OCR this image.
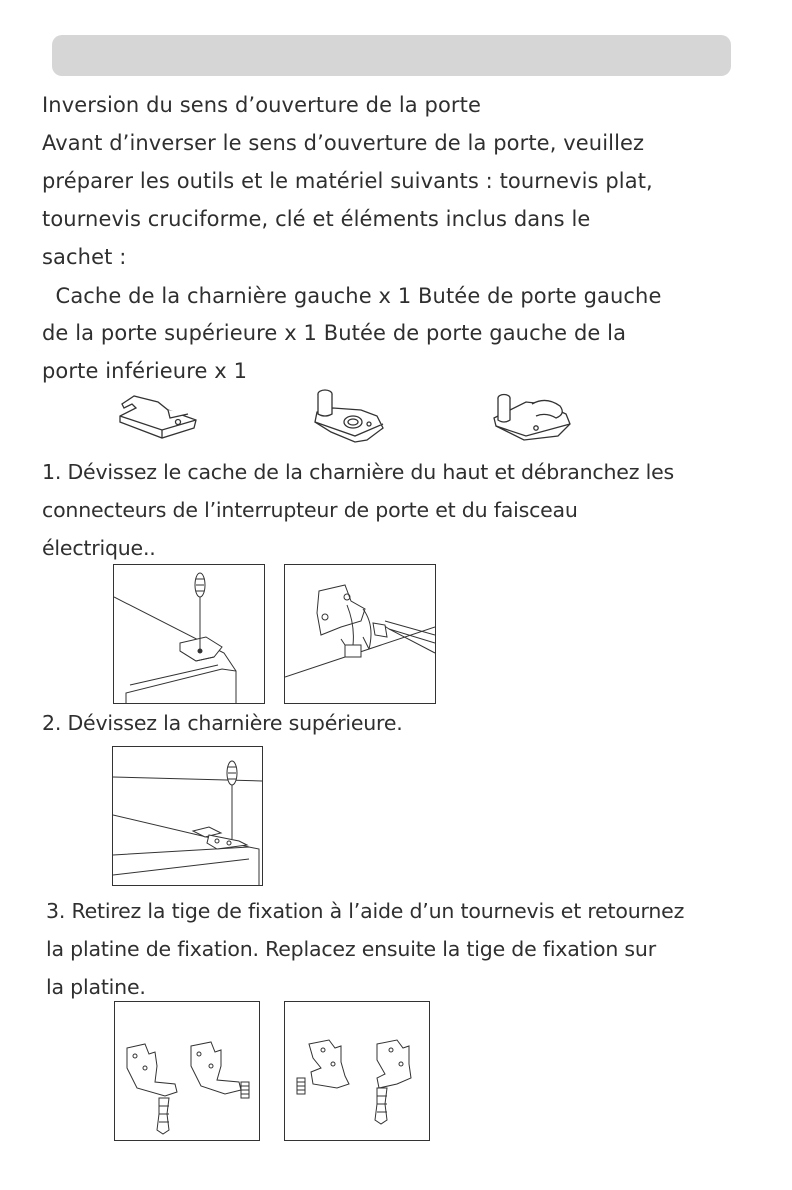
Inversion du sens d’ouverture de la porte

Avant d’inverser le sens d’ouverture de la porte, veuillez

préparer les outils et le matériel suivants : tournevis plat,

tournevis cruciforme, clé et éléments inclus dans le

sachet :

Cache de la charnière gauche x 1 Butée de porte gauche

de la porte supérieure x 1 Butée de porte gauche de la

porte inférieure x 1

1. Dévissez le cache de la charnière du haut et débranchez les

connecteurs de l’interrupteur de porte et du faisceau

électrique..

2. Dévissez la charnière supérieure.

3. Retirez la tige de fixation à l’aide d’un tournevis et retournez

la platine de fixation. Replacez ensuite la tige de fixation sur

la platine.
